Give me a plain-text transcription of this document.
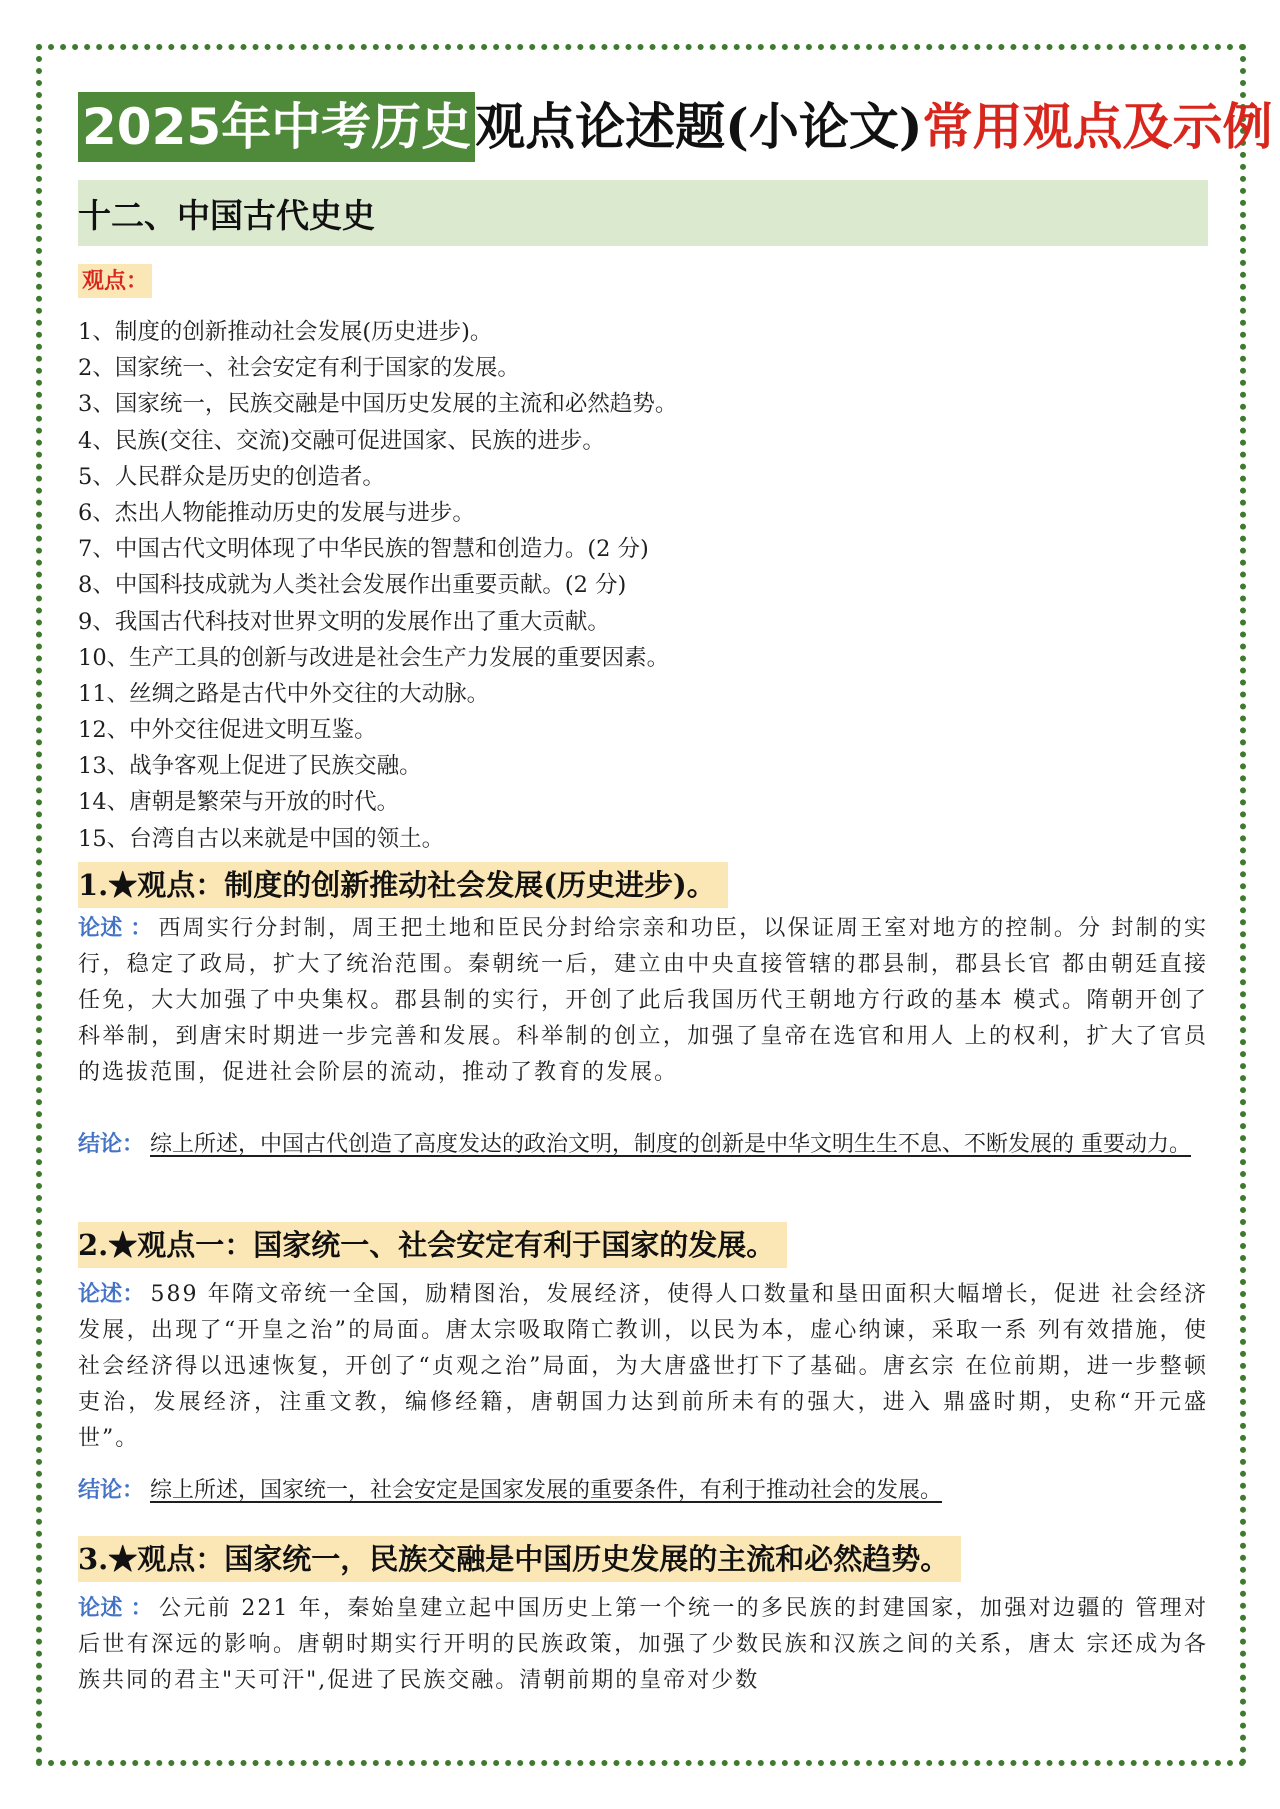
2025年中考历史 观点论述题(小论文) 常用观点及示例
十二、中国古代史史
观点：
1、制度的创新推动社会发展(历史进步)。
2、国家统一、社会安定有利于国家的发展。
3、国家统一，民族交融是中国历史发展的主流和必然趋势。
4、民族(交往、交流)交融可促进国家、民族的进步。
5、人民群众是历史的创造者。
6、杰出人物能推动历史的发展与进步。
7、中国古代文明体现了中华民族的智慧和创造力。(2 分)
8、中国科技成就为人类社会发展作出重要贡献。(2 分)
9、我国古代科技对世界文明的发展作出了重大贡献。
10、生产工具的创新与改进是社会生产力发展的重要因素。
11、丝绸之路是古代中外交往的大动脉。
12、中外交往促进文明互鉴。
13、战争客观上促进了民族交融。
14、唐朝是繁荣与开放的时代。
15、台湾自古以来就是中国的领土。
1.★观点：制度的创新推动社会发展(历史进步)。
论述 ： 西周实行分封制，周王把土地和臣民分封给宗亲和功臣，以保证周王室对地方的控制。分 封制的实行，稳定了政局，扩大了统治范围。秦朝统一后，建立由中央直接管辖的郡县制，郡县长官 都由朝廷直接任免，大大加强了中央集权。郡县制的实行，开创了此后我国历代王朝地方行政的基本 模式。隋朝开创了科举制，到唐宋时期进一步完善和发展。科举制的创立，加强了皇帝在选官和用人 上的权利，扩大了官员的选拔范围，促进社会阶层的流动，推动了教育的发展。
结论： 综上所述，中国古代创造了高度发达的政治文明，制度的创新是中华文明生生不息、不断发展的 重要动力。
2.★观点一：国家统一、社会安定有利于国家的发展。
论述： 589 年隋文帝统一全国，励精图治，发展经济，使得人口数量和垦田面积大幅增长，促进 社会经济发展，出现了“开皇之治”的局面。唐太宗吸取隋亡教训，以民为本，虚心纳谏，采取一系 列有效措施，使社会经济得以迅速恢复，开创了“贞观之治”局面，为大唐盛世打下了基础。唐玄宗 在位前期，进一步整顿吏治，发展经济，注重文教，编修经籍，唐朝国力达到前所未有的强大，进入 鼎盛时期，史称“开元盛世”。
结论： 综上所述，国家统一，社会安定是国家发展的重要条件，有利于推动社会的发展。
3.★观点：国家统一，民族交融是中国历史发展的主流和必然趋势。
论述 ： 公元前 221 年，秦始皇建立起中国历史上第一个统一的多民族的封建国家，加强对边疆的 管理对后世有深远的影响。唐朝时期实行开明的民族政策，加强了少数民族和汉族之间的关系，唐太 宗还成为各族共同的君主"天可汗",促进了民族交融。清朝前期的皇帝对少数
